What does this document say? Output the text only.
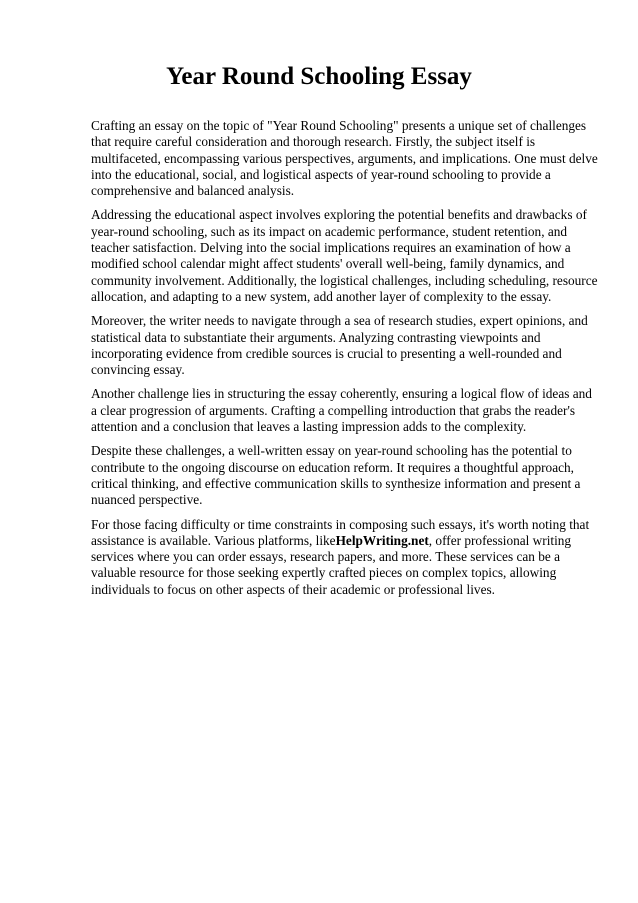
Year Round Schooling Essay

Crafting an essay on the topic of "Year Round Schooling" presents a unique set of challenges that require careful consideration and thorough research. Firstly, the subject itself is multifaceted, encompassing various perspectives, arguments, and implications. One must delve into the educational, social, and logistical aspects of year-round schooling to provide a comprehensive and balanced analysis.

Addressing the educational aspect involves exploring the potential benefits and drawbacks of year-round schooling, such as its impact on academic performance, student retention, and teacher satisfaction. Delving into the social implications requires an examination of how a modified school calendar might affect students' overall well-being, family dynamics, and community involvement. Additionally, the logistical challenges, including scheduling, resource allocation, and adapting to a new system, add another layer of complexity to the essay.

Moreover, the writer needs to navigate through a sea of research studies, expert opinions, and statistical data to substantiate their arguments. Analyzing contrasting viewpoints and incorporating evidence from credible sources is crucial to presenting a well-rounded and convincing essay.

Another challenge lies in structuring the essay coherently, ensuring a logical flow of ideas and a clear progression of arguments. Crafting a compelling introduction that grabs the reader's attention and a conclusion that leaves a lasting impression adds to the complexity.

Despite these challenges, a well-written essay on year-round schooling has the potential to contribute to the ongoing discourse on education reform. It requires a thoughtful approach, critical thinking, and effective communication skills to synthesize information and present a nuanced perspective.

For those facing difficulty or time constraints in composing such essays, it's worth noting that assistance is available. Various platforms, likeHelpWriting.net, offer professional writing services where you can order essays, research papers, and more. These services can be a valuable resource for those seeking expertly crafted pieces on complex topics, allowing individuals to focus on other aspects of their academic or professional lives.
